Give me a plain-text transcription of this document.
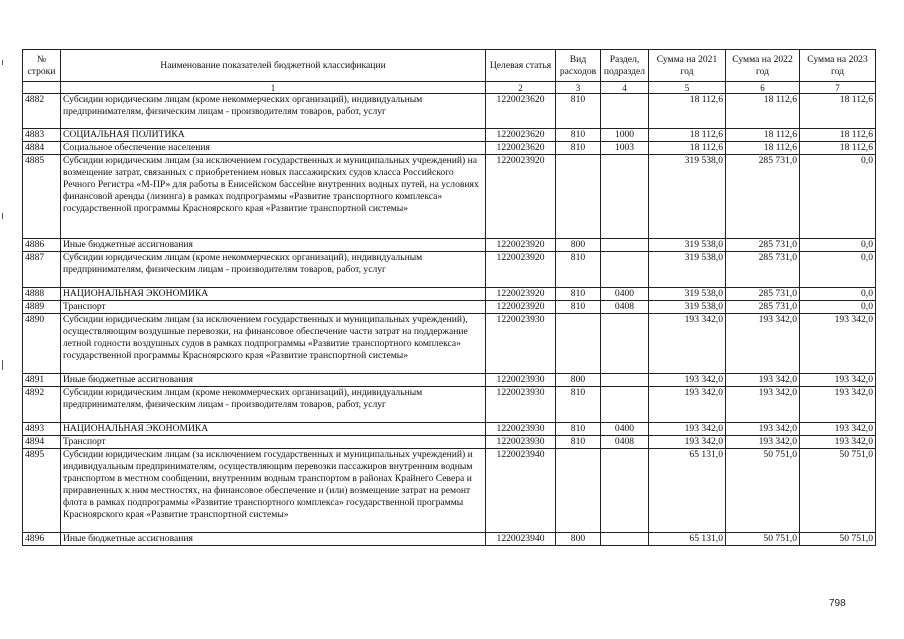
№ строки	Наименование показателей бюджетной классификации	Целевая статья	Вид расходов	Раздел, подраздел	Сумма на 2021 год	Сумма на 2022 год	Сумма на 2023 год
	1	2	3	4	5	6	7
4882	Субсидии юридическим лицам (кроме некоммерческих организаций), индивидуальным предпринимателям, физическим лицам - производителям товаров, работ, услуг	1220023620	810		18 112,6	18 112,6	18 112,6
4883	СОЦИАЛЬНАЯ ПОЛИТИКА	1220023620	810	1000	18 112,6	18 112,6	18 112,6
4884	Социальное обеспечение населения	1220023620	810	1003	18 112,6	18 112,6	18 112,6
4885	Субсидии юридическим лицам (за исключением государственных и муниципальных учреждений) на возмещение затрат, связанных с приобретением новых пассажирских судов класса Российского Речного Регистра «М-ПР» для работы в Енисейском бассейне внутренних водных путей, на условиях финансовой аренды (лизинга) в рамках подпрограммы «Развитие транспортного комплекса» государственной программы Красноярского края «Развитие транспортной системы»	1220023920			319 538,0	285 731,0	0,0
4886	Иные бюджетные ассигнования	1220023920	800		319 538,0	285 731,0	0,0
4887	Субсидии юридическим лицам (кроме некоммерческих организаций), индивидуальным предпринимателям, физическим лицам - производителям товаров, работ, услуг	1220023920	810		319 538,0	285 731,0	0,0
4888	НАЦИОНАЛЬНАЯ ЭКОНОМИКА	1220023920	810	0400	319 538,0	285 731,0	0,0
4889	Транспорт	1220023920	810	0408	319 538,0	285 731,0	0,0
4890	Субсидии юридическим лицам (за исключением государственных и муниципальных учреждений), осуществляющим воздушные перевозки, на финансовое обеспечение части затрат на поддержание летной годности воздушных судов в рамках подпрограммы «Развитие транспортного комплекса» государственной программы Красноярского края «Развитие транспортной системы»	1220023930			193 342,0	193 342,0	193 342,0
4891	Иные бюджетные ассигнования	1220023930	800		193 342,0	193 342,0	193 342,0
4892	Субсидии юридическим лицам (кроме некоммерческих организаций), индивидуальным предпринимателям, физическим лицам - производителям товаров, работ, услуг	1220023930	810		193 342,0	193 342,0	193 342,0
4893	НАЦИОНАЛЬНАЯ ЭКОНОМИКА	1220023930	810	0400	193 342,0	193 342,0	193 342,0
4894	Транспорт	1220023930	810	0408	193 342,0	193 342,0	193 342,0
4895	Субсидии юридическим лицам (за исключением государственных и муниципальных учреждений) и индивидуальным предпринимателям, осуществляющим перевозки пассажиров внутренним водным транспортом в местном сообщении, внутренним водным транспортом в районах Крайнего Севера и приравненных к ним местностях, на финансовое обеспечение и (или) возмещение затрат на ремонт флота в рамках подпрограммы «Развитие транспортного комплекса» государственной программы Красноярского края «Развитие транспортной системы»	1220023940			65 131,0	50 751,0	50 751,0
4896	Иные бюджетные ассигнования	1220023940	800		65 131,0	50 751,0	50 751,0
798
